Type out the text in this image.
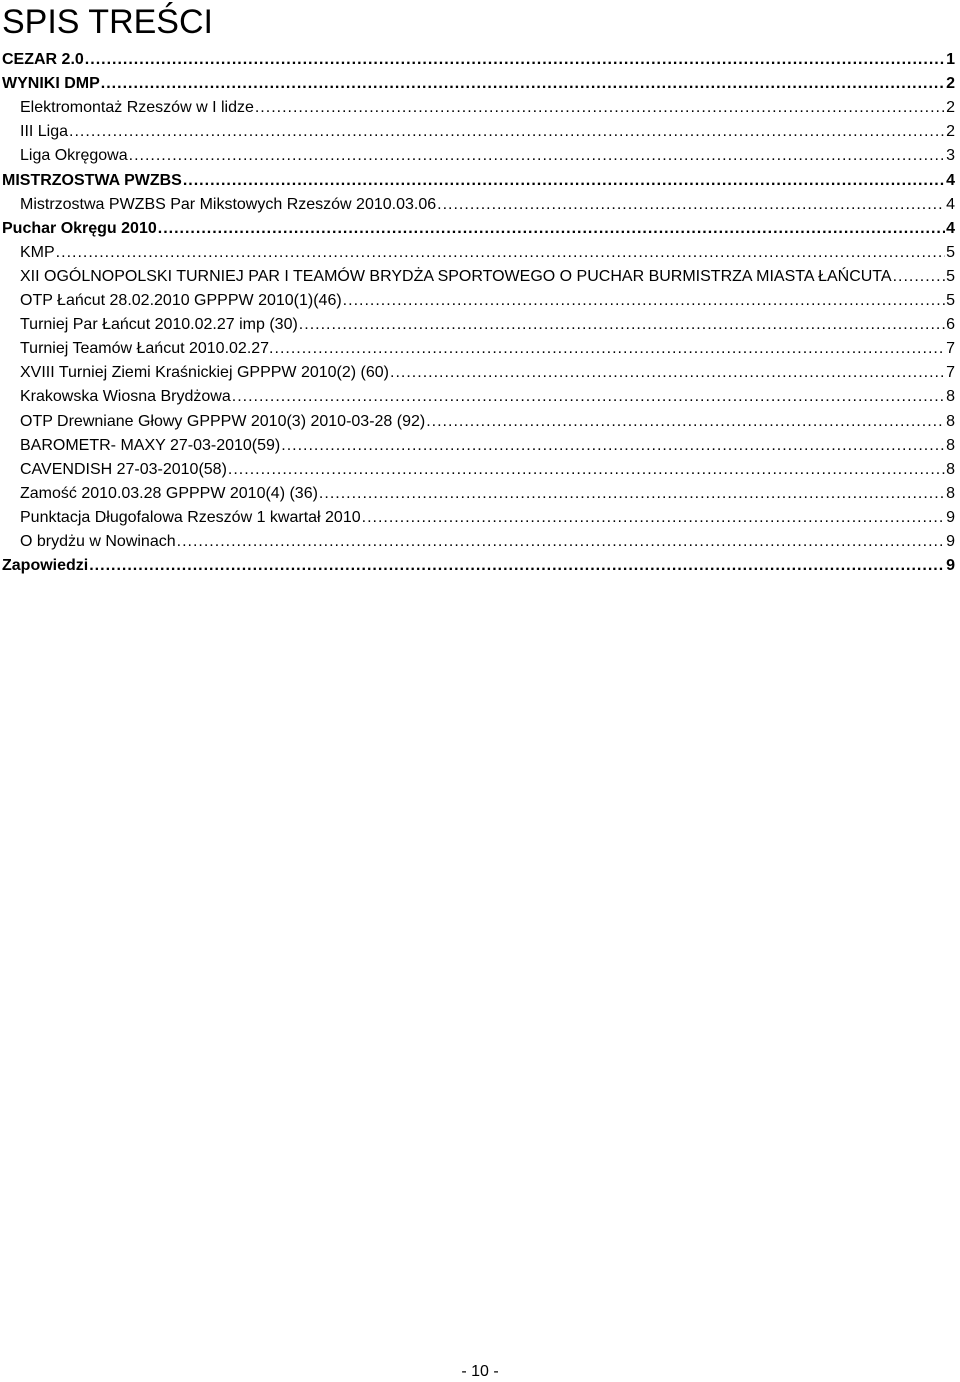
SPIS TREŚCI
CEZAR 2.0 .....	1
WYNIKI DMP .....	2
Elektromontaż Rzeszów w I lidze .....	2
III Liga .....	2
Liga Okręgowa .....	3
MISTRZOSTWA PWZBS .....	4
Mistrzostwa PWZBS Par Mikstowych Rzeszów 2010.03.06 .....	4
Puchar Okręgu 2010 .....	4
KMP .....	5
XII OGÓLNOPOLSKI TURNIEJ PAR I TEAMÓW BRYDŻA SPORTOWEGO O PUCHAR BURMISTRZA MIASTA ŁAŃCUTA .....	5
OTP Łańcut 28.02.2010 GPPPW 2010(1)(46) .....	5
Turniej Par Łańcut 2010.02.27 imp (30) .....	6
Turniej Teamów Łańcut 2010.02.27. .....	7
XVIII Turniej Ziemi Kraśnickiej GPPPW 2010(2) (60) .....	7
Krakowska Wiosna Brydżowa .....	8
OTP Drewniane Głowy GPPPW 2010(3) 2010-03-28 (92) .....	8
BAROMETR- MAXY 27-03-2010(59) .....	8
CAVENDISH 27-03-2010(58) .....	8
Zamość 2010.03.28 GPPPW 2010(4) (36) .....	8
Punktacja Długofalowa Rzeszów 1 kwartał 2010 .....	9
O brydżu w Nowinach .....	9
Zapowiedzi .....	9
- 10 -
